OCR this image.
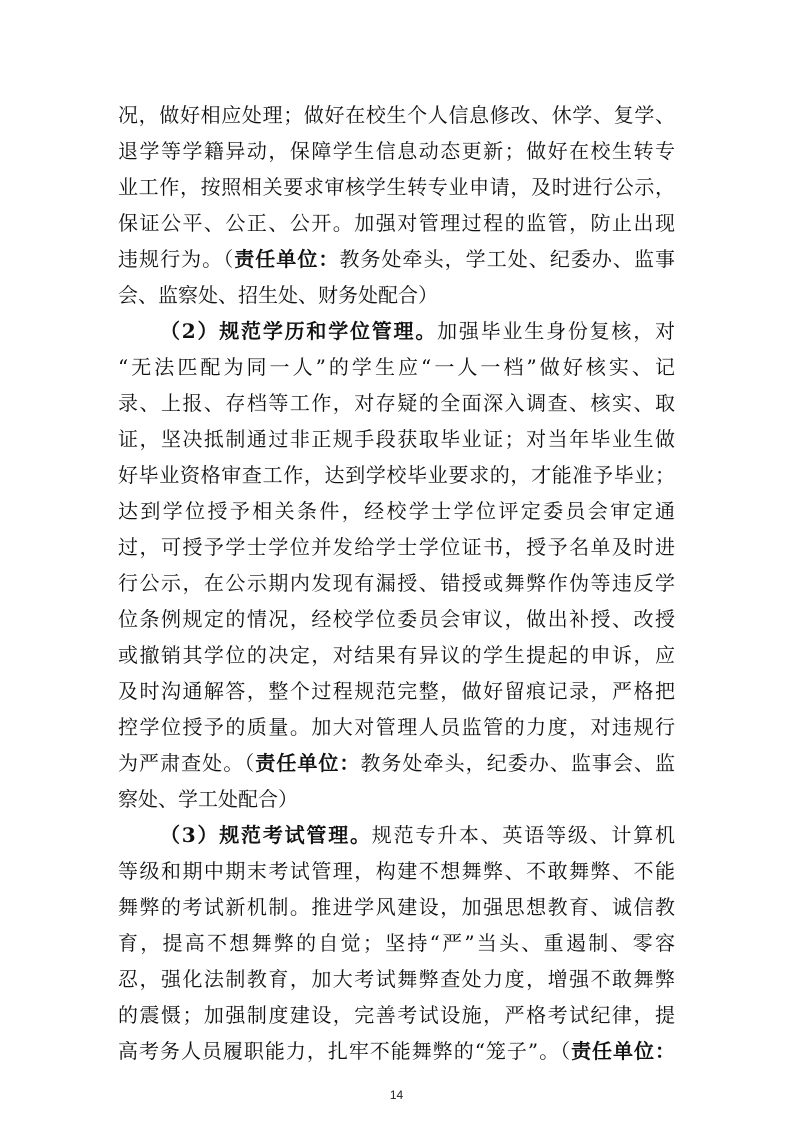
况，做好相应处理；做好在校生个人信息修改、休学、复学、
退学等学籍异动，保障学生信息动态更新；做好在校生转专
业工作，按照相关要求审核学生转专业申请，及时进行公示，
保证公平、公正、公开。加强对管理过程的监管，防止出现
违规行为。（责任单位：教务处牵头，学工处、纪委办、监事
会、监察处、招生处、财务处配合）
（2）规范学历和学位管理。加强毕业生身份复核，对
“无法匹配为同一人”的学生应“一人一档”做好核实、记
录、上报、存档等工作，对存疑的全面深入调查、核实、取
证，坚决抵制通过非正规手段获取毕业证；对当年毕业生做
好毕业资格审查工作，达到学校毕业要求的，才能准予毕业；
达到学位授予相关条件，经校学士学位评定委员会审定通
过，可授予学士学位并发给学士学位证书，授予名单及时进
行公示，在公示期内发现有漏授、错授或舞弊作伪等违反学
位条例规定的情况，经校学位委员会审议，做出补授、改授
或撤销其学位的决定，对结果有异议的学生提起的申诉，应
及时沟通解答，整个过程规范完整，做好留痕记录，严格把
控学位授予的质量。加大对管理人员监管的力度，对违规行
为严肃查处。（责任单位：教务处牵头，纪委办、监事会、监
察处、学工处配合）
（3）规范考试管理。规范专升本、英语等级、计算机
等级和期中期末考试管理，构建不想舞弊、不敢舞弊、不能
舞弊的考试新机制。推进学风建设，加强思想教育、诚信教
育，提高不想舞弊的自觉；坚持“严”当头、重遏制、零容
忍，强化法制教育，加大考试舞弊查处力度，增强不敢舞弊
的震慑；加强制度建设，完善考试设施，严格考试纪律，提
高考务人员履职能力，扎牢不能舞弊的“笼子”。（责任单位：
14
